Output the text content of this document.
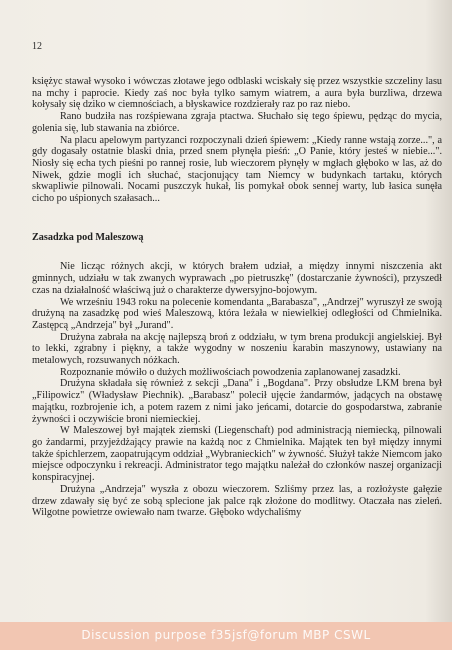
12

księżyc stawał wysoko i wówczas złotawe jego odblaski wciskały się przez wszystkie szczeliny lasu na mchy i paprocie. Kiedy zaś noc była tylko samym wiatrem, a aura była burzliwa, drzewa kołysały się dziko w ciemnościach, a błyskawice rozdzierały raz po raz niebo.

Rano budziła nas rozśpiewana zgraja ptactwa. Słuchało się tego śpiewu, pędząc do mycia, golenia się, lub stawania na zbiórce.

Na placu apelowym partyzanci rozpoczynali dzień śpiewem: „Kiedy ranne wstają zorze...", a gdy dogasały ostatnie blaski dnia, przed snem płynęła pieśń: „O Panie, który jesteś w niebie...". Niosły się echa tych pieśni po rannej rosie, lub wieczorem płynęły w mgłach głęboko w las, aż do Niwek, gdzie mogli ich słuchać, stacjonujący tam Niemcy w budynkach tartaku, których skwapliwie pilnowali. Nocami puszczyk hukał, lis pomykał obok sennej warty, lub łasica sunęła cicho po uśpionych szałasach...

Zasadzka pod Maleszową

Nie licząc różnych akcji, w których brałem udział, a między innymi niszczenia akt gminnych, udziału w tak zwanych wyprawach „po pietruszkę" (dostarczanie żywności), przyszedł czas na działalność właściwą już o charakterze dywersyjno-bojowym.

We wrześniu 1943 roku na polecenie komendanta „Barabasza", „Andrzej" wyruszył ze swoją drużyną na zasadzkę pod wieś Maleszową, która leżała w niewielkiej odległości od Chmielnika. Zastępcą „Andrzeja" był „Jurand".

Drużyna zabrała na akcję najlepszą broń z oddziału, w tym brena produkcji angielskiej. Był to lekki, zgrabny i piękny, a także wygodny w noszeniu karabin maszynowy, ustawiany na metalowych, rozsuwanych nóżkach.

Rozpoznanie mówiło o dużych możliwościach powodzenia zaplanowanej zasadzki.

Drużyna składała się również z sekcji „Dana" i „Bogdana". Przy obsłudze LKM brena był „Filipowicz" (Władysław Piechnik). „Barabasz" polecił ujęcie żandarmów, jadących na obstawę majątku, rozbrojenie ich, a potem razem z nimi jako jeńcami, dotarcie do gospodarstwa, zabranie żywności i oczywiście broni niemieckiej.

W Maleszowej był majątek ziemski (Liegenschaft) pod administracją niemiecką, pilnowali go żandarmi, przyjeżdżający prawie na każdą noc z Chmielnika. Majątek ten był między innymi także śpichlerzem, zaopatrującym oddział „Wybranieckich" w żywność. Służył także Niemcom jako miejsce odpoczynku i rekreacji. Administrator tego majątku należał do członków naszej organizacji konspiracyjnej.

Drużyna „Andrzeja" wyszła z obozu wieczorem. Szliśmy przez las, a rozłożyste gałęzie drzew zdawały się być ze sobą splecione jak palce rąk złożone do modlitwy. Otaczała nas zieleń. Wilgotne powietrze owiewało nam twarze. Głęboko wdychaliśmy

Discussion purpose f35jsf@forum MBP CSWL
